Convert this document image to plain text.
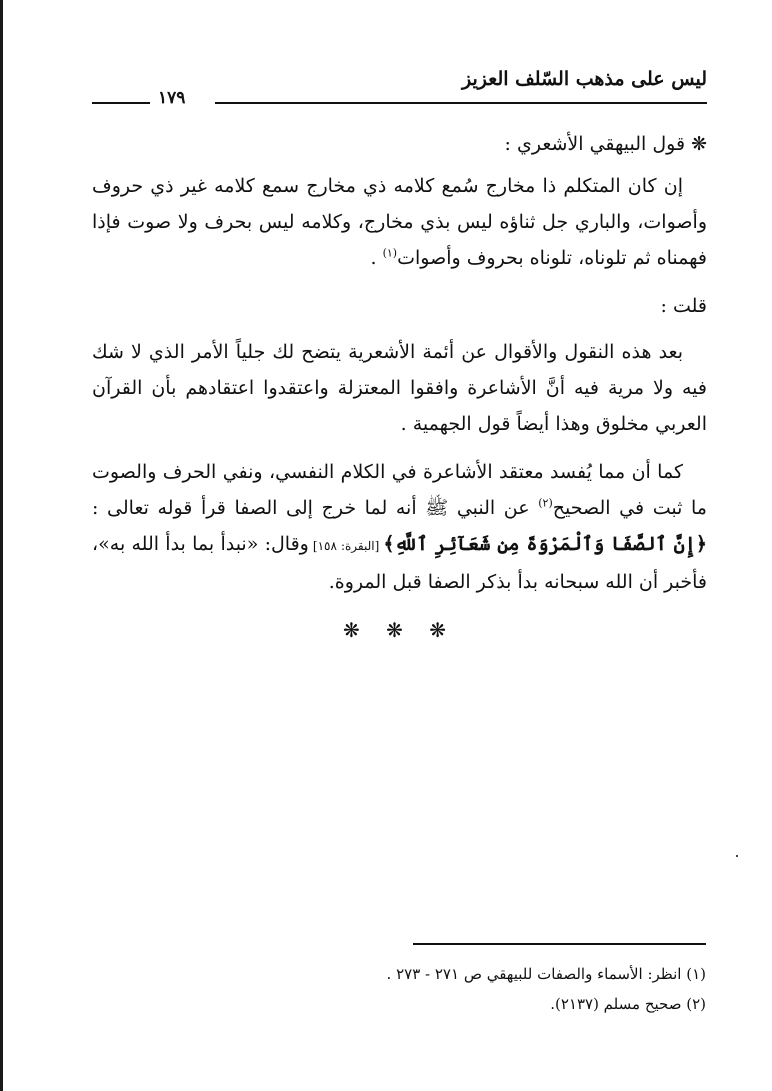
ليس على مذهب السّلف العزيز
١٧٩

❋قول البيهقي الأشعري :

إن كان المتكلم ذا مخارج سُمع كلامه ذي مخارج سمع كلامه غير ذي حروف وأصوات، والباري جل ثناؤه ليس بذي مخارج، وكلامه ليس بحرف ولا صوت فإذا فهمناه ثم تلوناه، تلوناه بحروف وأصوات$^{(١)}$ .

قلت :

بعد هذه النقول والأقوال عن أئمة الأشعرية يتضح لك جلياً الأمر الذي لا شك فيه ولا مرية فيه أنَّ الأشاعرة وافقوا المعتزلة واعتقدوا اعتقادهم بأن القرآن العربي مخلوق وهذا أيضاً قول الجهمية .

كما أن مما يُفسد معتقد الأشاعرة في الكلام النفسي، ونفي الحرف والصوت ما ثبت في الصحيح$^{(٢)}$ عن النبي ﷺ أنه لما خرج إلى الصفا قرأ قوله تعالى : ﴿إِنَّ ٱلصَّفَا وَٱلْمَرْوَةَ مِن شَعَآئِرِ ٱللَّهِ﴾ [البقرة: ١٥٨] وقال: «نبدأ بما بدأ الله به»، فأخبر أن الله سبحانه بدأ بذكر الصفا قبل المروة.

❋ ❋ ❋

(١) انظر: الأسماء والصفات للبيهقي ص ٢٧١ - ٢٧٣ .

(٢) صحيح مسلم (٢١٣٧).
